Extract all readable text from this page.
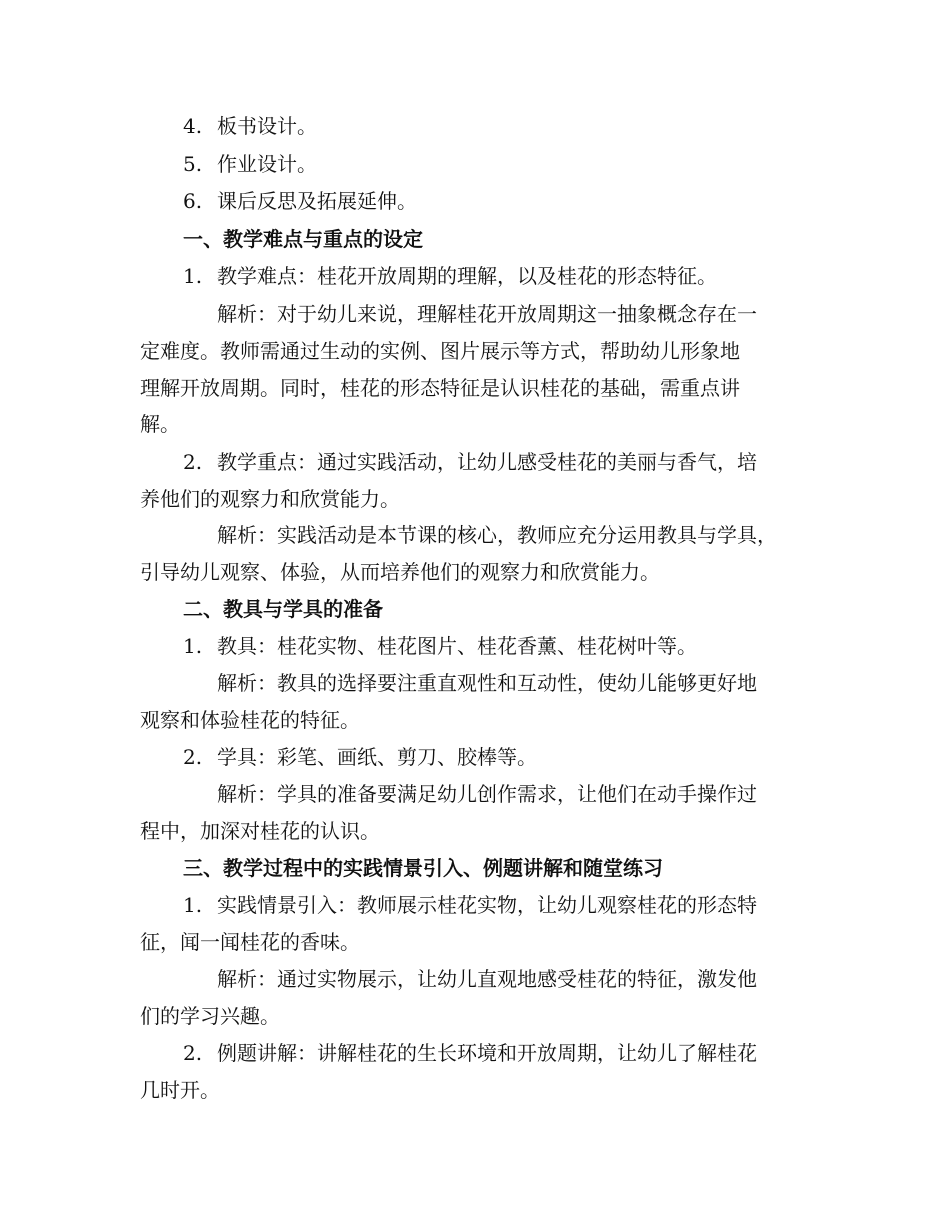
4. 板书设计。
5. 作业设计。
6. 课后反思及拓展延伸。
一、教学难点与重点的设定
1. 教学难点：桂花开放周期的理解，以及桂花的形态特征。
解析：对于幼儿来说，理解桂花开放周期这一抽象概念存在一
定难度。教师需通过生动的实例、图片展示等方式，帮助幼儿形象地
理解开放周期。同时，桂花的形态特征是认识桂花的基础，需重点讲
解。
2. 教学重点：通过实践活动，让幼儿感受桂花的美丽与香气，培
养他们的观察力和欣赏能力。
解析：实践活动是本节课的核心，教师应充分运用教具与学具，
引导幼儿观察、体验，从而培养他们的观察力和欣赏能力。
二、教具与学具的准备
1. 教具：桂花实物、桂花图片、桂花香薰、桂花树叶等。
解析：教具的选择要注重直观性和互动性，使幼儿能够更好地
观察和体验桂花的特征。
2. 学具：彩笔、画纸、剪刀、胶棒等。
解析：学具的准备要满足幼儿创作需求，让他们在动手操作过
程中，加深对桂花的认识。
三、教学过程中的实践情景引入、例题讲解和随堂练习
1. 实践情景引入：教师展示桂花实物，让幼儿观察桂花的形态特
征，闻一闻桂花的香味。
解析：通过实物展示，让幼儿直观地感受桂花的特征，激发他
们的学习兴趣。
2. 例题讲解：讲解桂花的生长环境和开放周期，让幼儿了解桂花
几时开。
